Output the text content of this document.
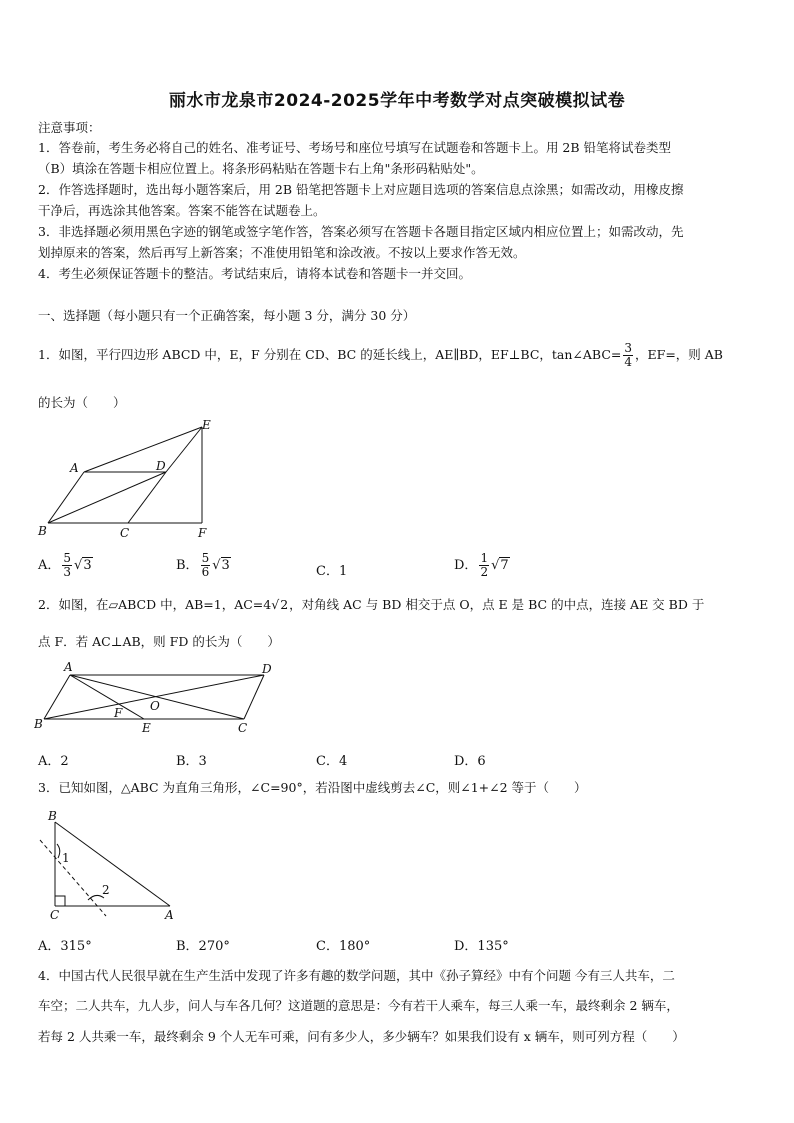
丽水市龙泉市2024-2025学年中考数学对点突破模拟试卷
注意事项：
1．答卷前，考生务必将自己的姓名、准考证号、考场号和座位号填写在试题卷和答题卡上。用 2B 铅笔将试卷类型
（B）填涂在答题卡相应位置上。将条形码粘贴在答题卡右上角"条形码粘贴处"。
2．作答选择题时，选出每小题答案后，用 2B 铅笔把答题卡上对应题目选项的答案信息点涂黑；如需改动，用橡皮擦
干净后，再选涂其他答案。答案不能答在试题卷上。
3．非选择题必须用黑色字迹的钢笔或签字笔作答，答案必须写在答题卡各题目指定区域内相应位置上；如需改动，先
划掉原来的答案，然后再写上新答案；不准使用铅笔和涂改液。不按以上要求作答无效。
4．考生必须保证答题卡的整洁。考试结束后，请将本试卷和答题卡一并交回。
一、选择题（每小题只有一个正确答案，每小题 3 分，满分 30 分）
1．如图，平行四边形 ABCD 中，E，F 分别在 CD、BC 的延长线上，AE∥BD，EF⊥BC，tan∠ABC= $\frac{3}{4}$ ，EF=，则 AB
的长为（　　）
A
B	C
D
E
F
A． $\frac{5}{3} √3$	B． $\frac{5}{6} √3$	C．1	D． $\frac{1}{2} √7$
2．如图，在▱ABCD 中，AB=1，AC=4√2，对角线 AC 与 BD 相交于点 O，点 E 是 BC 的中点，连接 AE 交 BD 于
点 F．若 AC⊥AB，则 FD 的长为（　　）
A
B	C
D
E
F O
A．2	B．3	C．4	D．6
3．已知如图，△ABC 为直角三角形，∠C=90°，若沿图中虚线剪去∠C，则∠1+∠2 等于（　　）
B
C	A
1
2
A．315°	B．270°	C．180°	D．135°
4．中国古代人民很早就在生产生活中发现了许多有趣的数学问题，其中《孙子算经》中有个问题 今有三人共车，二
车空；二人共车，九人步，问人与车各几何？这道题的意思是：今有若干人乘车，每三人乘一车，最终剩余 2 辆车，
若每 2 人共乘一车，最终剩余 9 个人无车可乘，问有多少人，多少辆车？如果我们设有 x 辆车，则可列方程（　　）
